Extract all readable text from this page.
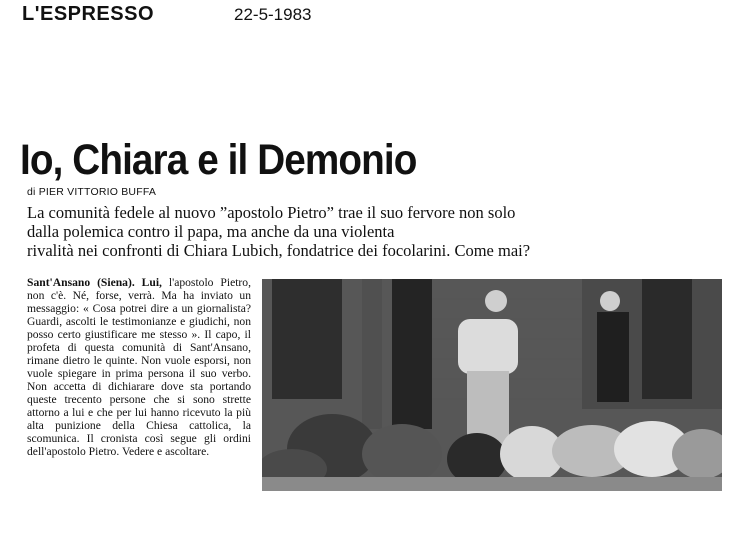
L'ESPRESSO	22-5-1983
Io, Chiara e il Demonio
di PIER VITTORIO BUFFA
La comunità fedele al nuovo ”apostolo Pietro” trae il suo fervore non solo
dalla polemica contro il papa, ma anche da una violenta
rivalità nei confronti di Chiara Lubich, fondatrice dei focolarini. Come mai?
Sant'Ansano (Siena). Lui, l'apostolo Pietro, non c'è. Né, forse, verrà. Ma ha inviato un messaggio: « Cosa potrei dire a un giornalista? Guardi, ascolti le testimonianze e giudichi, non posso certo giustificare me stesso ». Il capo, il profeta di questa comunità di Sant'Ansano, rimane dietro le quinte. Non vuole esporsi, non vuole spiegare in prima persona il suo verbo. Non accetta di dichiarare dove sta portando queste trecento persone che si sono strette attorno a lui e che per lui hanno ricevuto la più alta punizione della Chiesa cattolica, la scomunica. Il cronista così segue gli ordini dell'apostolo Pietro. Vedere e ascoltare.
